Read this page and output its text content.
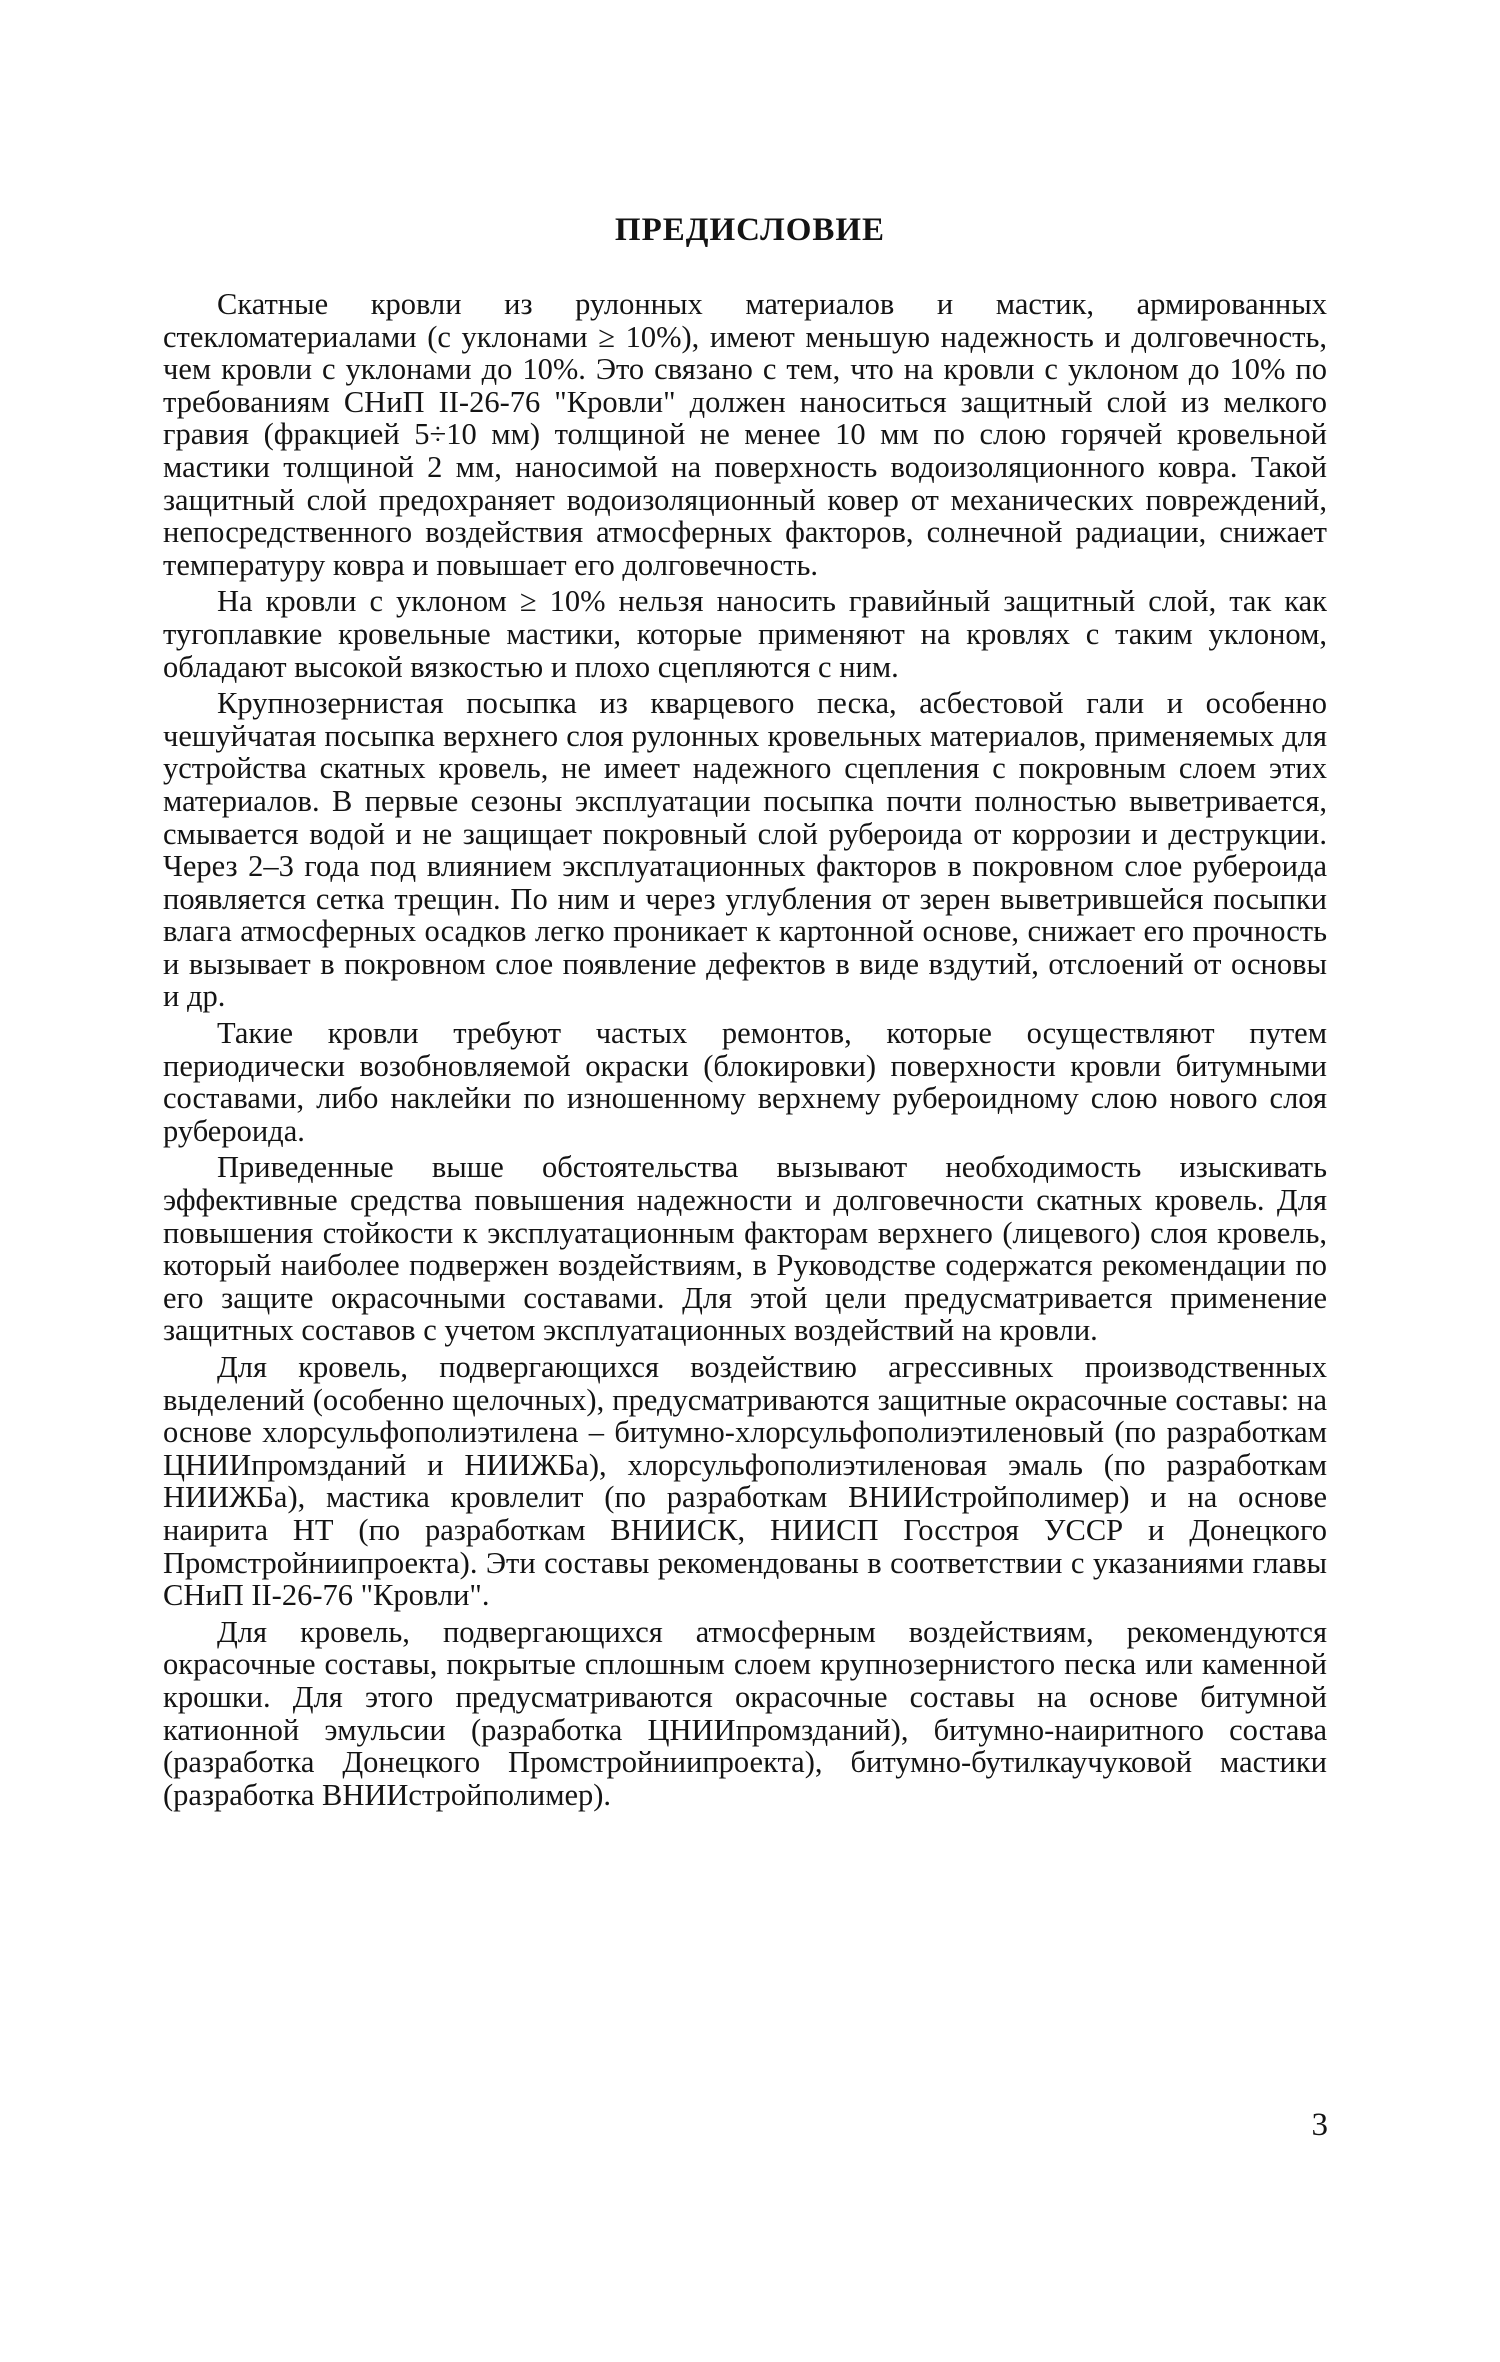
ПРЕДИСЛОВИЕ

Скатные кровли из рулонных материалов и мастик, армированных стекломатериалами (с уклонами ≥ 10%), имеют меньшую надежность и долговечность, чем кровли с уклонами до 10%. Это связано с тем, что на кровли с уклоном до 10% по требованиям СНиП II-26-76 "Кровли" должен наноситься защитный слой из мелкого гравия (фракцией 5÷10 мм) толщиной не менее 10 мм по слою горячей кровельной мастики толщиной 2 мм, наносимой на поверхность водоизоляционного ковра. Такой защитный слой предохраняет водоизоляционный ковер от механических повреждений, непосредственного воздействия атмосферных факторов, солнечной радиации, снижает температуру ковра и повышает его долговечность.

На кровли с уклоном ≥ 10% нельзя наносить гравийный защитный слой, так как тугоплавкие кровельные мастики, которые применяют на кровлях с таким уклоном, обладают высокой вязкостью и плохо сцепляются с ним.

Крупнозернистая посыпка из кварцевого песка, асбестовой гали и особенно чешуйчатая посыпка верхнего слоя рулонных кровельных материалов, применяемых для устройства скатных кровель, не имеет надежного сцепления с покровным слоем этих материалов. В первые сезоны эксплуатации посыпка почти полностью выветривается, смывается водой и не защищает покровный слой рубероида от коррозии и деструкции. Через 2–3 года под влиянием эксплуатационных факторов в покровном слое рубероида появляется сетка трещин. По ним и через углубления от зерен выветрившейся посыпки влага атмосферных осадков легко проникает к картонной основе, снижает его прочность и вызывает в покровном слое появление дефектов в виде вздутий, отслоений от основы и др.

Такие кровли требуют частых ремонтов, которые осуществляют путем периодически возобновляемой окраски (блокировки) поверхности кровли битумными составами, либо наклейки по изношенному верхнему рубероидному слою нового слоя рубероида.

Приведенные выше обстоятельства вызывают необходимость изыскивать эффективные средства повышения надежности и долговечности скатных кровель. Для повышения стойкости к эксплуатационным факторам верхнего (лицевого) слоя кровель, который наиболее подвержен воздействиям, в Руководстве содержатся рекомендации по его защите окрасочными составами. Для этой цели предусматривается применение защитных составов с учетом эксплуатационных воздействий на кровли.

Для кровель, подвергающихся воздействию агрессивных производственных выделений (особенно щелочных), предусматриваются защитные окрасочные составы: на основе хлорсульфополиэтилена – битумно-хлорсульфополиэтиленовый (по разработкам ЦНИИпромзданий и НИИЖБа), хлорсульфополиэтиленовая эмаль (по разработкам НИИЖБа), мастика кровлелит (по разработкам ВНИИстройполимер) и на основе наирита НТ (по разработкам ВНИИСК, НИИСП Госстроя УССР и Донецкого Промстройниипроекта). Эти составы рекомендованы в соответствии с указаниями главы СНиП II-26-76 "Кровли".

Для кровель, подвергающихся атмосферным воздействиям, рекомендуются окрасочные составы, покрытые сплошным слоем крупнозернистого песка или каменной крошки. Для этого предусматриваются окрасочные составы на основе битумной катионной эмульсии (разработка ЦНИИпромзданий), битумно-наиритного состава (разработка Донецкого Промстройниипроекта), битумно-бутилкаучуковой мастики (разработка ВНИИстройполимер).

3
